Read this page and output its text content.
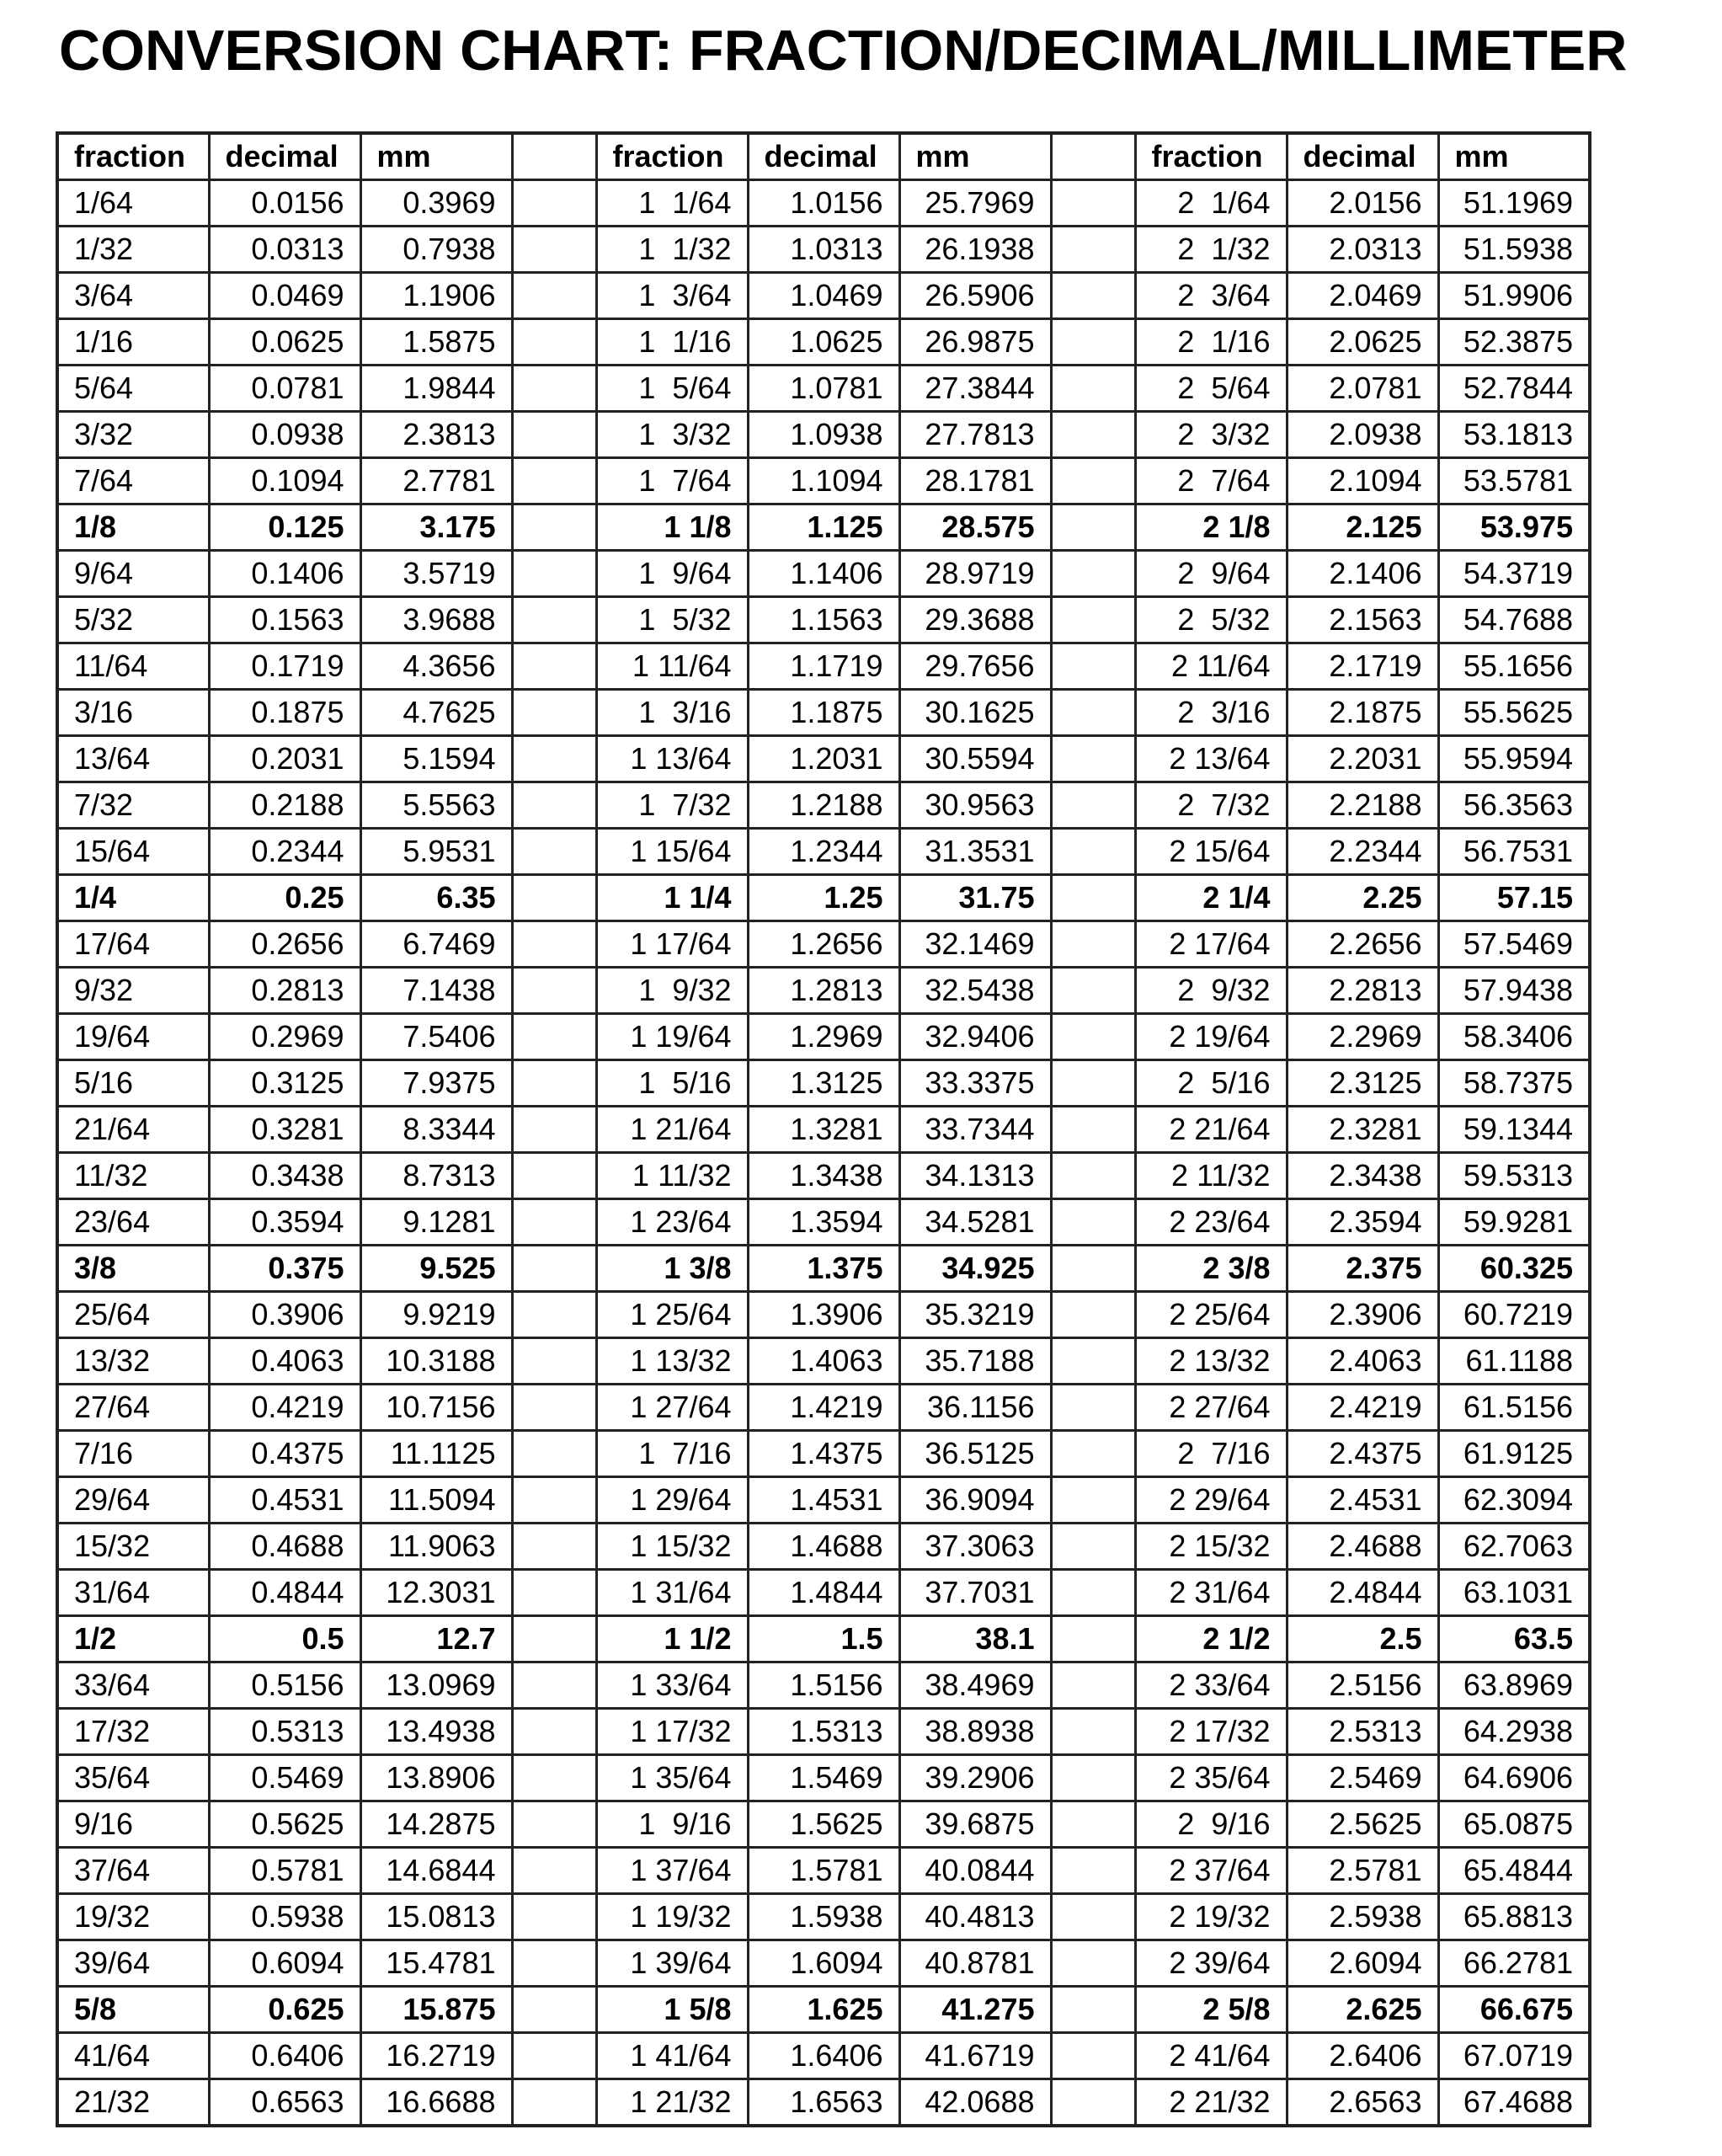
CONVERSION CHART: FRACTION/DECIMAL/MILLIMETER
fraction	decimal	mm		fraction	decimal	mm		fraction	decimal	mm
1/64	0.0156	0.3969		1  1/64	1.0156	25.7969		2  1/64	2.0156	51.1969
1/32	0.0313	0.7938		1  1/32	1.0313	26.1938		2  1/32	2.0313	51.5938
3/64	0.0469	1.1906		1  3/64	1.0469	26.5906		2  3/64	2.0469	51.9906
1/16	0.0625	1.5875		1  1/16	1.0625	26.9875		2  1/16	2.0625	52.3875
5/64	0.0781	1.9844		1  5/64	1.0781	27.3844		2  5/64	2.0781	52.7844
3/32	0.0938	2.3813		1  3/32	1.0938	27.7813		2  3/32	2.0938	53.1813
7/64	0.1094	2.7781		1  7/64	1.1094	28.1781		2  7/64	2.1094	53.5781
1/8	0.125	3.175		1 1/8	1.125	28.575		2 1/8	2.125	53.975
9/64	0.1406	3.5719		1  9/64	1.1406	28.9719		2  9/64	2.1406	54.3719
5/32	0.1563	3.9688		1  5/32	1.1563	29.3688		2  5/32	2.1563	54.7688
11/64	0.1719	4.3656		1 11/64	1.1719	29.7656		2 11/64	2.1719	55.1656
3/16	0.1875	4.7625		1  3/16	1.1875	30.1625		2  3/16	2.1875	55.5625
13/64	0.2031	5.1594		1 13/64	1.2031	30.5594		2 13/64	2.2031	55.9594
7/32	0.2188	5.5563		1  7/32	1.2188	30.9563		2  7/32	2.2188	56.3563
15/64	0.2344	5.9531		1 15/64	1.2344	31.3531		2 15/64	2.2344	56.7531
1/4	0.25	6.35		1 1/4	1.25	31.75		2 1/4	2.25	57.15
17/64	0.2656	6.7469		1 17/64	1.2656	32.1469		2 17/64	2.2656	57.5469
9/32	0.2813	7.1438		1  9/32	1.2813	32.5438		2  9/32	2.2813	57.9438
19/64	0.2969	7.5406		1 19/64	1.2969	32.9406		2 19/64	2.2969	58.3406
5/16	0.3125	7.9375		1  5/16	1.3125	33.3375		2  5/16	2.3125	58.7375
21/64	0.3281	8.3344		1 21/64	1.3281	33.7344		2 21/64	2.3281	59.1344
11/32	0.3438	8.7313		1 11/32	1.3438	34.1313		2 11/32	2.3438	59.5313
23/64	0.3594	9.1281		1 23/64	1.3594	34.5281		2 23/64	2.3594	59.9281
3/8	0.375	9.525		1 3/8	1.375	34.925		2 3/8	2.375	60.325
25/64	0.3906	9.9219		1 25/64	1.3906	35.3219		2 25/64	2.3906	60.7219
13/32	0.4063	10.3188		1 13/32	1.4063	35.7188		2 13/32	2.4063	61.1188
27/64	0.4219	10.7156		1 27/64	1.4219	36.1156		2 27/64	2.4219	61.5156
7/16	0.4375	11.1125		1  7/16	1.4375	36.5125		2  7/16	2.4375	61.9125
29/64	0.4531	11.5094		1 29/64	1.4531	36.9094		2 29/64	2.4531	62.3094
15/32	0.4688	11.9063		1 15/32	1.4688	37.3063		2 15/32	2.4688	62.7063
31/64	0.4844	12.3031		1 31/64	1.4844	37.7031		2 31/64	2.4844	63.1031
1/2	0.5	12.7		1 1/2	1.5	38.1		2 1/2	2.5	63.5
33/64	0.5156	13.0969		1 33/64	1.5156	38.4969		2 33/64	2.5156	63.8969
17/32	0.5313	13.4938		1 17/32	1.5313	38.8938		2 17/32	2.5313	64.2938
35/64	0.5469	13.8906		1 35/64	1.5469	39.2906		2 35/64	2.5469	64.6906
9/16	0.5625	14.2875		1  9/16	1.5625	39.6875		2  9/16	2.5625	65.0875
37/64	0.5781	14.6844		1 37/64	1.5781	40.0844		2 37/64	2.5781	65.4844
19/32	0.5938	15.0813		1 19/32	1.5938	40.4813		2 19/32	2.5938	65.8813
39/64	0.6094	15.4781		1 39/64	1.6094	40.8781		2 39/64	2.6094	66.2781
5/8	0.625	15.875		1 5/8	1.625	41.275		2 5/8	2.625	66.675
41/64	0.6406	16.2719		1 41/64	1.6406	41.6719		2 41/64	2.6406	67.0719
21/32	0.6563	16.6688		1 21/32	1.6563	42.0688		2 21/32	2.6563	67.4688
